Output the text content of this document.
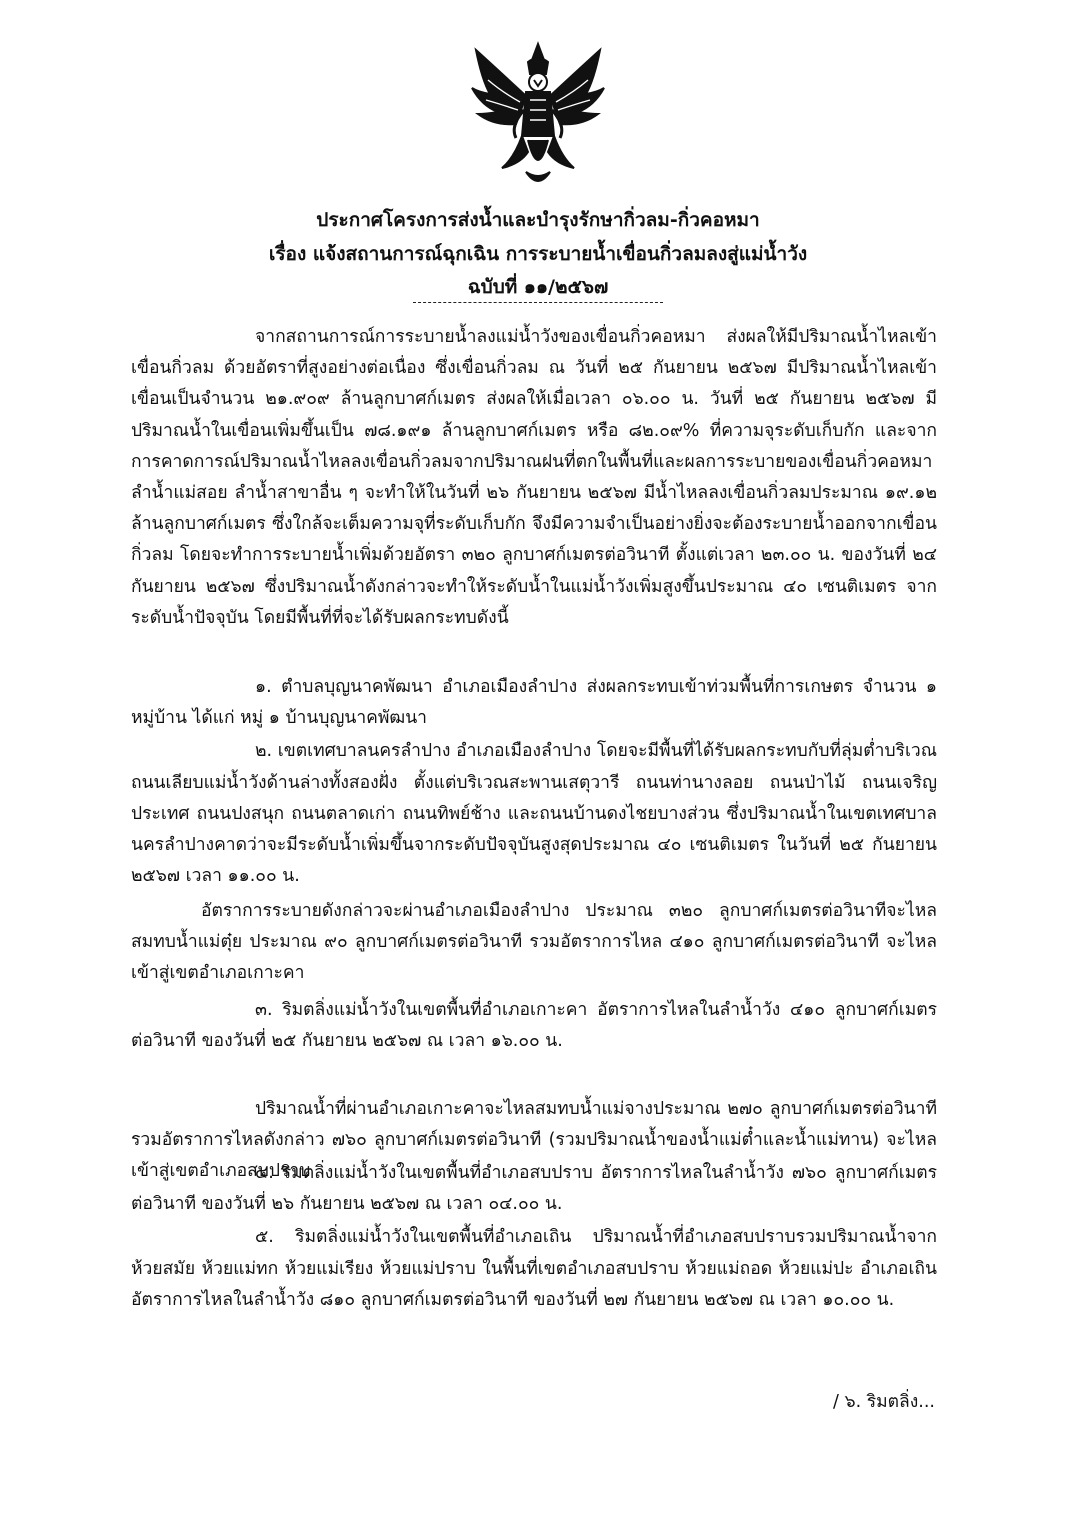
ประกาศโครงการส่งน้ำและบำรุงรักษากิ่วลม-กิ่วคอหมา
เรื่อง แจ้งสถานการณ์ฉุกเฉิน การระบายน้ำเขื่อนกิ่วลมลงสู่แม่น้ำวัง
ฉบับที่ ๑๑/๒๕๖๗

จากสถานการณ์การระบายน้ำลงแม่น้ำวังของเขื่อนกิ่วคอหมา ส่งผลให้มีปริมาณน้ำไหลเข้าเขื่อนกิ่วลม ด้วยอัตราที่สูงอย่างต่อเนื่อง ซึ่งเขื่อนกิ่วลม ณ วันที่ ๒๕ กันยายน ๒๕๖๗ มีปริมาณน้ำไหลเข้าเขื่อนเป็นจำนวน ๒๑.๙๐๙ ล้านลูกบาศก์เมตร ส่งผลให้เมื่อเวลา ๐๖.๐๐ น. วันที่ ๒๕ กันยายน ๒๕๖๗ มีปริมาณน้ำในเขื่อนเพิ่มขึ้นเป็น ๗๘.๑๙๑ ล้านลูกบาศก์เมตร หรือ ๘๒.๐๙% ที่ความจุระดับเก็บกัก และจากการคาดการณ์ปริมาณน้ำไหลลงเขื่อนกิ่วลมจากปริมาณฝนที่ตกในพื้นที่และผลการระบายของเขื่อนกิ่วคอหมา ลำน้ำแม่สอย ลำน้ำสาขาอื่น ๆ จะทำให้ในวันที่ ๒๖ กันยายน ๒๕๖๗ มีน้ำไหลลงเขื่อนกิ่วลมประมาณ ๑๙.๑๒ ล้านลูกบาศก์เมตร ซึ่งใกล้จะเต็มความจุที่ระดับเก็บกัก จึงมีความจำเป็นอย่างยิ่งจะต้องระบายน้ำออกจากเขื่อนกิ่วลม โดยจะทำการระบายน้ำเพิ่มด้วยอัตรา ๓๒๐ ลูกบาศก์เมตรต่อวินาที ตั้งแต่เวลา ๒๓.๐๐ น. ของวันที่ ๒๔ กันยายน ๒๕๖๗ ซึ่งปริมาณน้ำดังกล่าวจะทำให้ระดับน้ำในแม่น้ำวังเพิ่มสูงขึ้นประมาณ ๔๐ เซนติเมตร จากระดับน้ำปัจจุบัน โดยมีพื้นที่ที่จะได้รับผลกระทบดังนี้

๑. ตำบลบุญนาคพัฒนา อำเภอเมืองลำปาง ส่งผลกระทบเข้าท่วมพื้นที่การเกษตร จำนวน ๑ หมู่บ้าน ได้แก่ หมู่ ๑ บ้านบุญนาคพัฒนา

๒. เขตเทศบาลนครลำปาง อำเภอเมืองลำปาง โดยจะมีพื้นที่ได้รับผลกระทบกับที่ลุ่มต่ำบริเวณถนนเลียบแม่น้ำวังด้านล่างทั้งสองฝั่ง ตั้งแต่บริเวณสะพานเสตุวารี ถนนท่านางลอย ถนนป่าไม้ ถนนเจริญประเทศ ถนนปงสนุก ถนนตลาดเก่า ถนนทิพย์ช้าง และถนนบ้านดงไชยบางส่วน ซึ่งปริมาณน้ำในเขตเทศบาลนครลำปางคาดว่าจะมีระดับน้ำเพิ่มขึ้นจากระดับปัจจุบันสูงสุดประมาณ ๔๐ เซนติเมตร ในวันที่ ๒๕ กันยายน ๒๕๖๗ เวลา ๑๑.๐๐ น.

อัตราการระบายดังกล่าวจะผ่านอำเภอเมืองลำปาง ประมาณ ๓๒๐ ลูกบาศก์เมตรต่อวินาทีจะไหลสมทบน้ำแม่ตุ๋ย ประมาณ ๙๐ ลูกบาศก์เมตรต่อวินาที รวมอัตราการไหล ๔๑๐ ลูกบาศก์เมตรต่อวินาที จะไหลเข้าสู่เขตอำเภอเกาะคา

๓. ริมตลิ่งแม่น้ำวังในเขตพื้นที่อำเภอเกาะคา อัตราการไหลในลำน้ำวัง ๔๑๐ ลูกบาศก์เมตรต่อวินาที ของวันที่ ๒๕ กันยายน ๒๕๖๗ ณ เวลา ๑๖.๐๐ น.

ปริมาณน้ำที่ผ่านอำเภอเกาะคาจะไหลสมทบน้ำแม่จางประมาณ ๒๗๐ ลูกบาศก์เมตรต่อวินาที รวมอัตราการไหลดังกล่าว ๗๖๐ ลูกบาศก์เมตรต่อวินาที (รวมปริมาณน้ำของน้ำแม่ต๋ำและน้ำแม่ทาน) จะไหลเข้าสู่เขตอำเภอสบปราบ

๔. ริมตลิ่งแม่น้ำวังในเขตพื้นที่อำเภอสบปราบ อัตราการไหลในลำน้ำวัง ๗๖๐ ลูกบาศก์เมตรต่อวินาที ของวันที่ ๒๖ กันยายน ๒๕๖๗ ณ เวลา ๐๔.๐๐ น.

๕. ริมตลิ่งแม่น้ำวังในเขตพื้นที่อำเภอเถิน ปริมาณน้ำที่อำเภอสบปราบรวมปริมาณน้ำจากห้วยสมัย ห้วยแม่ทก ห้วยแม่เรียง ห้วยแม่ปราบ ในพื้นที่เขตอำเภอสบปราบ ห้วยแม่ถอด ห้วยแม่ปะ อำเภอเถิน อัตราการไหลในลำน้ำวัง ๘๑๐ ลูกบาศก์เมตรต่อวินาที ของวันที่ ๒๗ กันยายน ๒๕๖๗ ณ เวลา ๑๐.๐๐ น.

/ ๖. ริมตลิ่ง...
